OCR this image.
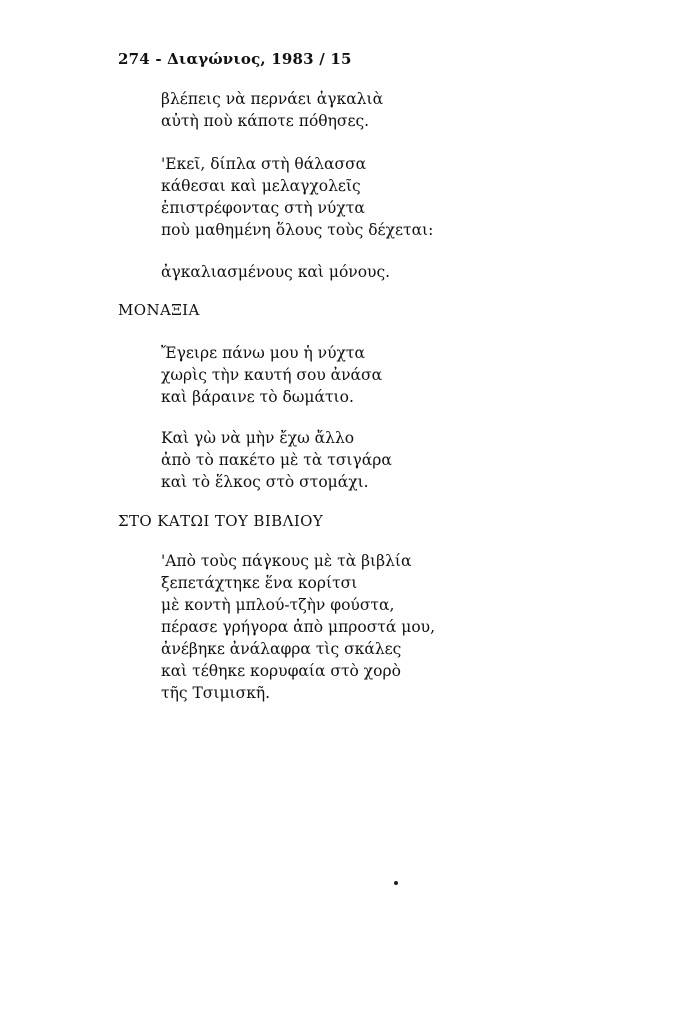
274 - Διαγώνιος, 1983 / 15
βλέπεις νὰ περνάει ἀγκαλιὰ
αὐτὴ ποὺ κάποτε πόθησες.
'Εκεῖ, δίπλα στὴ θάλασσα
κάθεσαι καὶ μελαγχολεῖς
ἐπιστρέφοντας στὴ νύχτα
ποὺ μαθημένη ὅλους τοὺς δέχεται:
ἀγκαλιασμένους καὶ μόνους.
ΜΟΝΑΞΙΑ
Ἔγειρε πάνω μου ἡ νύχτα
χωρὶς τὴν καυτή σου ἀνάσα
καὶ βάραινε τὸ δωμάτιο.
Καὶ γὼ νὰ μὴν ἔχω ἄλλο
ἀπὸ τὸ πακέτο μὲ τὰ τσιγάρα
καὶ τὸ ἕλκος στὸ στομάχι.
ΣΤΟ ΚΑΤΩΙ ΤΟΥ ΒΙΒΛΙΟΥ
'Απὸ τοὺς πάγκους μὲ τὰ βιβλία
ξεπετάχτηκε ἕνα κορίτσι
μὲ κοντὴ μπλού-τζὴν φούστα,
πέρασε γρήγορα ἀπὸ μπροστά μου,
ἀνέβηκε ἀνάλαφρα τὶς σκάλες
καὶ τέθηκε κορυφαία στὸ χορὸ
τῆς Τσιμισκῆ.
